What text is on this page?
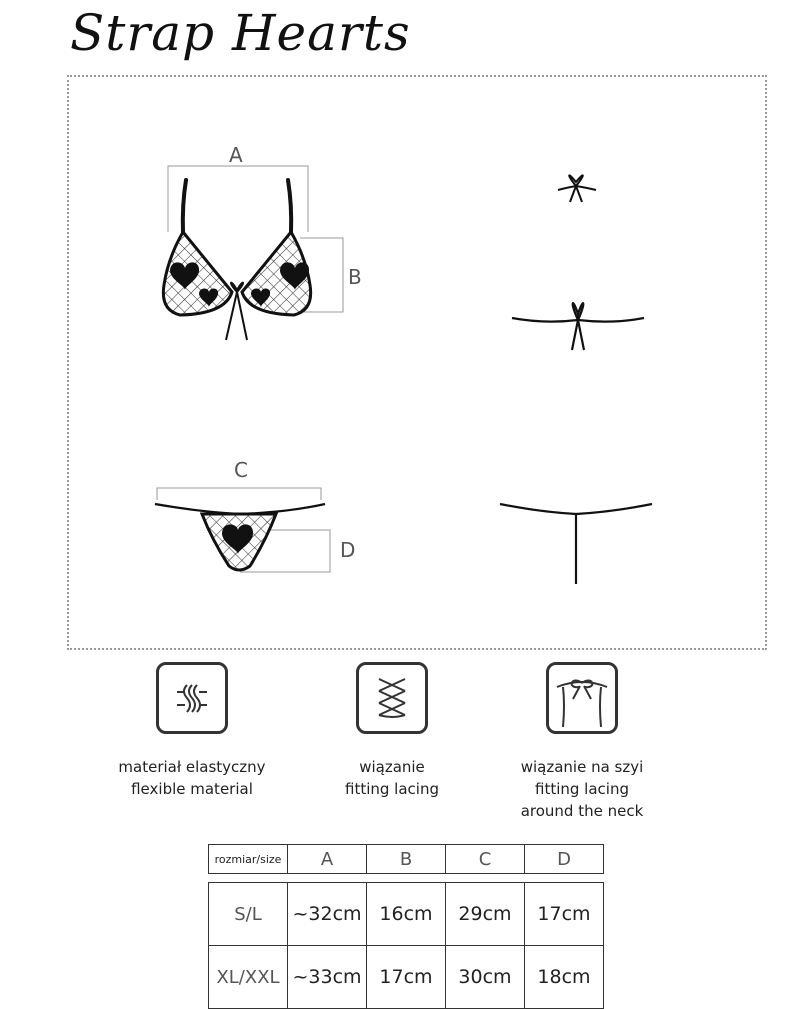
Strap Hearts
A
B
C
D
materiał elastyczny
flexible material
wiązanie
fitting lacing
wiązanie na szyi
fitting lacing
around the neck
rozmiar/size	A	B	C	D

S/L	~32cm	16cm	29cm	17cm
XL/XXL	~33cm	17cm	30cm	18cm
